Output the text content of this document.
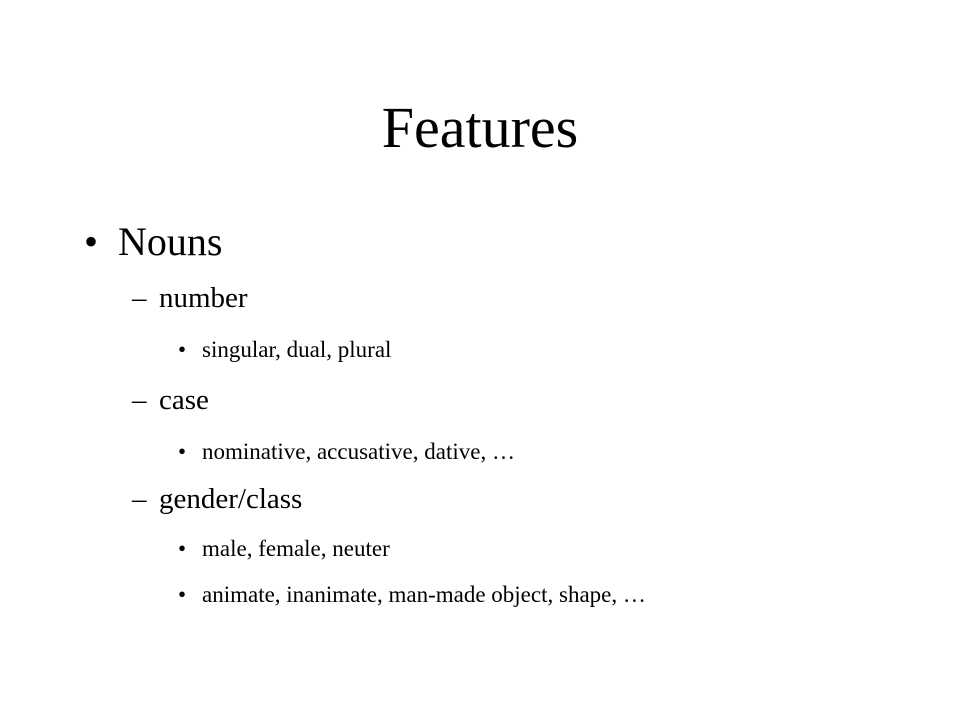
Features
• Nouns
– number
• singular, dual, plural
– case
• nominative, accusative, dative, …
– gender/class
• male, female, neuter
• animate, inanimate, man-made object, shape, …
